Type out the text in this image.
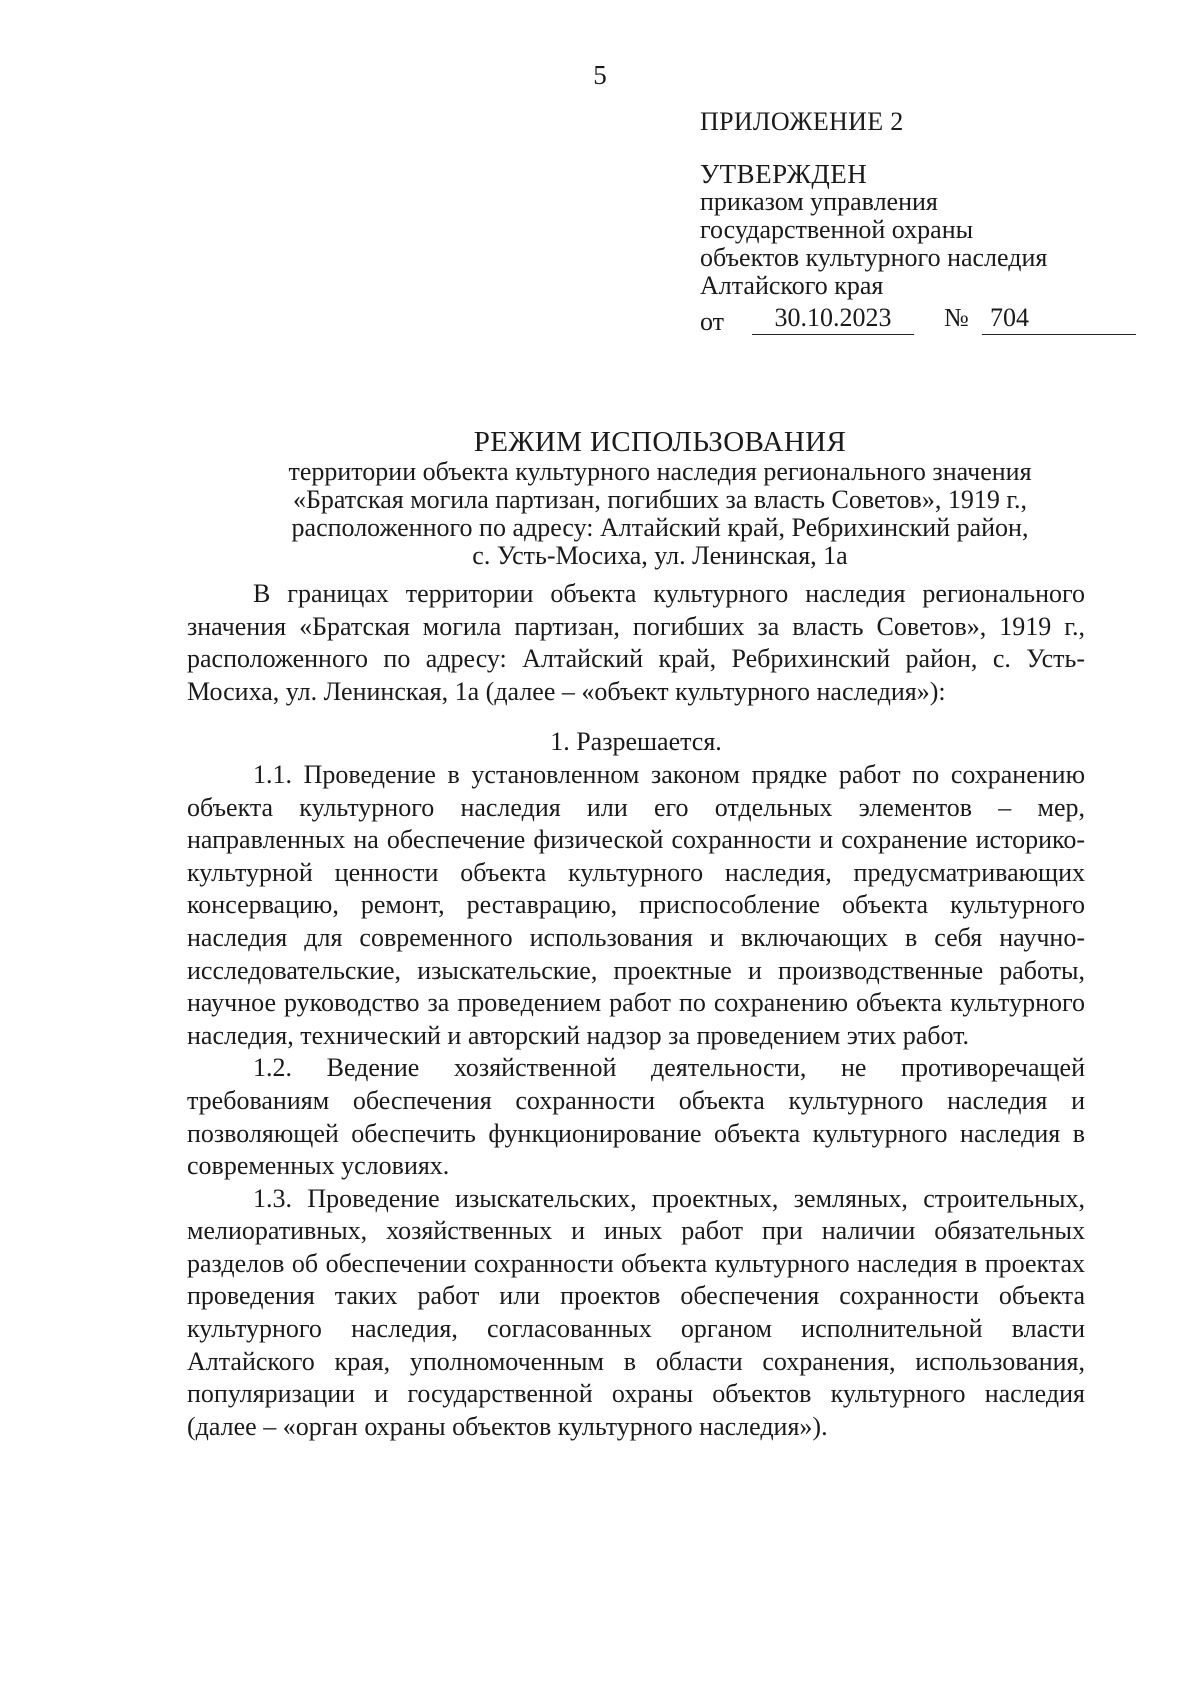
5
ПРИЛОЖЕНИЕ 2
УТВЕРЖДЕН
приказом управления
государственной охраны
объектов культурного наследия
Алтайского края
от	30.10.2023	№ 704
РЕЖИМ ИСПОЛЬЗОВАНИЯ
территории объекта культурного наследия регионального значения
«Братская могила партизан, погибших за власть Советов», 1919 г.,
расположенного по адресу: Алтайский край, Ребрихинский район,
с. Усть-Мосиха, ул. Ленинская, 1а

В границах территории объекта культурного наследия регионального значения «Братская могила партизан, погибших за власть Советов», 1919 г., расположенного по адресу: Алтайский край, Ребрихинский район, с. Усть-Мосиха, ул. Ленинская, 1а (далее – «объект культурного наследия»):

1. Разрешается.

1.1. Проведение в установленном законом прядке работ по сохранению объекта культурного наследия или его отдельных элементов – мер, направленных на обеспечение физической сохранности и сохранение историко-культурной ценности объекта культурного наследия, предусматривающих консервацию, ремонт, реставрацию, приспособление объекта культурного наследия для современного использования и включающих в себя научно-исследовательские, изыскательские, проектные и производственные работы, научное руководство за проведением работ по сохранению объекта культурного наследия, технический и авторский надзор за проведением этих работ.

1.2. Ведение хозяйственной деятельности, не противоречащей требованиям обеспечения сохранности объекта культурного наследия и позволяющей обеспечить функционирование объекта культурного наследия в современных условиях.

1.3. Проведение изыскательских, проектных, земляных, строительных, мелиоративных, хозяйственных и иных работ при наличии обязательных разделов об обеспечении сохранности объекта культурного наследия в проектах проведения таких работ или проектов обеспечения сохранности объекта культурного наследия, согласованных органом исполнительной власти Алтайского края, уполномоченным в области сохранения, использования, популяризации и государственной охраны объектов культурного наследия (далее – «орган охраны объектов культурного наследия»).
